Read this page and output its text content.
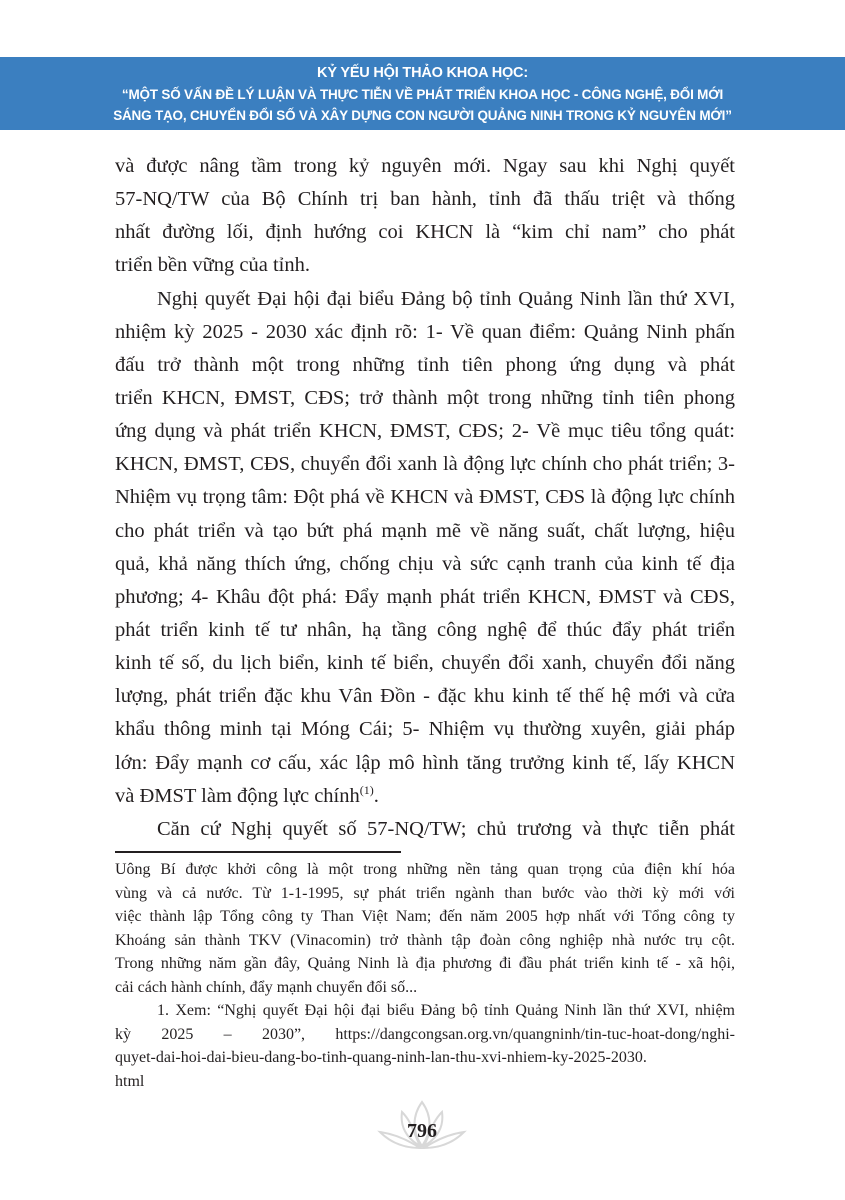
KỶ YẾU HỘI THẢO KHOA HỌC:
“MỘT SỐ VẤN ĐỀ LÝ LUẬN VÀ THỰC TIỄN VỀ PHÁT TRIỂN KHOA HỌC - CÔNG NGHỆ, ĐỔI MỚI
SÁNG TẠO, CHUYỂN ĐỔI SỐ VÀ XÂY DỰNG CON NGƯỜI QUẢNG NINH TRONG KỶ NGUYÊN MỚI”
và được nâng tầm trong kỷ nguyên mới. Ngay sau khi Nghị quyết
57-NQ/TW của Bộ Chính trị ban hành, tỉnh đã thấu triệt và thống
nhất đường lối, định hướng coi KHCN là “kim chỉ nam” cho phát
triển bền vững của tỉnh.
Nghị quyết Đại hội đại biểu Đảng bộ tỉnh Quảng Ninh lần thứ XVI,
nhiệm kỳ 2025 - 2030 xác định rõ: 1- Về quan điểm: Quảng Ninh phấn
đấu trở thành một trong những tỉnh tiên phong ứng dụng và phát
triển KHCN, ĐMST, CĐS; trở thành một trong những tỉnh tiên phong
ứng dụng và phát triển KHCN, ĐMST, CĐS; 2- Về mục tiêu tổng quát:
KHCN, ĐMST, CĐS, chuyển đổi xanh là động lực chính cho phát triển; 3-
Nhiệm vụ trọng tâm: Đột phá về KHCN và ĐMST, CĐS là động lực chính
cho phát triển và tạo bứt phá mạnh mẽ về năng suất, chất lượng, hiệu
quả, khả năng thích ứng, chống chịu và sức cạnh tranh của kinh tế địa
phương; 4- Khâu đột phá: Đẩy mạnh phát triển KHCN, ĐMST và CĐS,
phát triển kinh tế tư nhân, hạ tầng công nghệ để thúc đẩy phát triển
kinh tế số, du lịch biển, kinh tế biển, chuyển đổi xanh, chuyển đổi năng
lượng, phát triển đặc khu Vân Đồn - đặc khu kinh tế thế hệ mới và cửa
khẩu thông minh tại Móng Cái; 5- Nhiệm vụ thường xuyên, giải pháp
lớn: Đẩy mạnh cơ cấu, xác lập mô hình tăng trưởng kinh tế, lấy KHCN
và ĐMST làm động lực chính$^{(1)}$.
Căn cứ Nghị quyết số 57-NQ/TW; chủ trương và thực tiễn phát
Uông Bí được khởi công là một trong những nền tảng quan trọng của điện khí hóa
vùng và cả nước. Từ 1-1-1995, sự phát triển ngành than bước vào thời kỳ mới với
việc thành lập Tổng công ty Than Việt Nam; đến năm 2005 hợp nhất với Tổng công ty
Khoáng sản thành TKV (Vinacomin) trở thành tập đoàn công nghiệp nhà nước trụ cột.
Trong những năm gần đây, Quảng Ninh là địa phương đi đầu phát triển kinh tế - xã hội,
cải cách hành chính, đẩy mạnh chuyển đổi số...
1. Xem: “Nghị quyết Đại hội đại biểu Đảng bộ tỉnh Quảng Ninh lần thứ XVI, nhiệm
kỳ 2025 – 2030”, https://dangcongsan.org.vn/quangninh/tin-tuc-hoat-dong/nghi-
quyet-dai-hoi-dai-bieu-dang-bo-tinh-quang-ninh-lan-thu-xvi-nhiem-ky-2025-2030.
html
796
